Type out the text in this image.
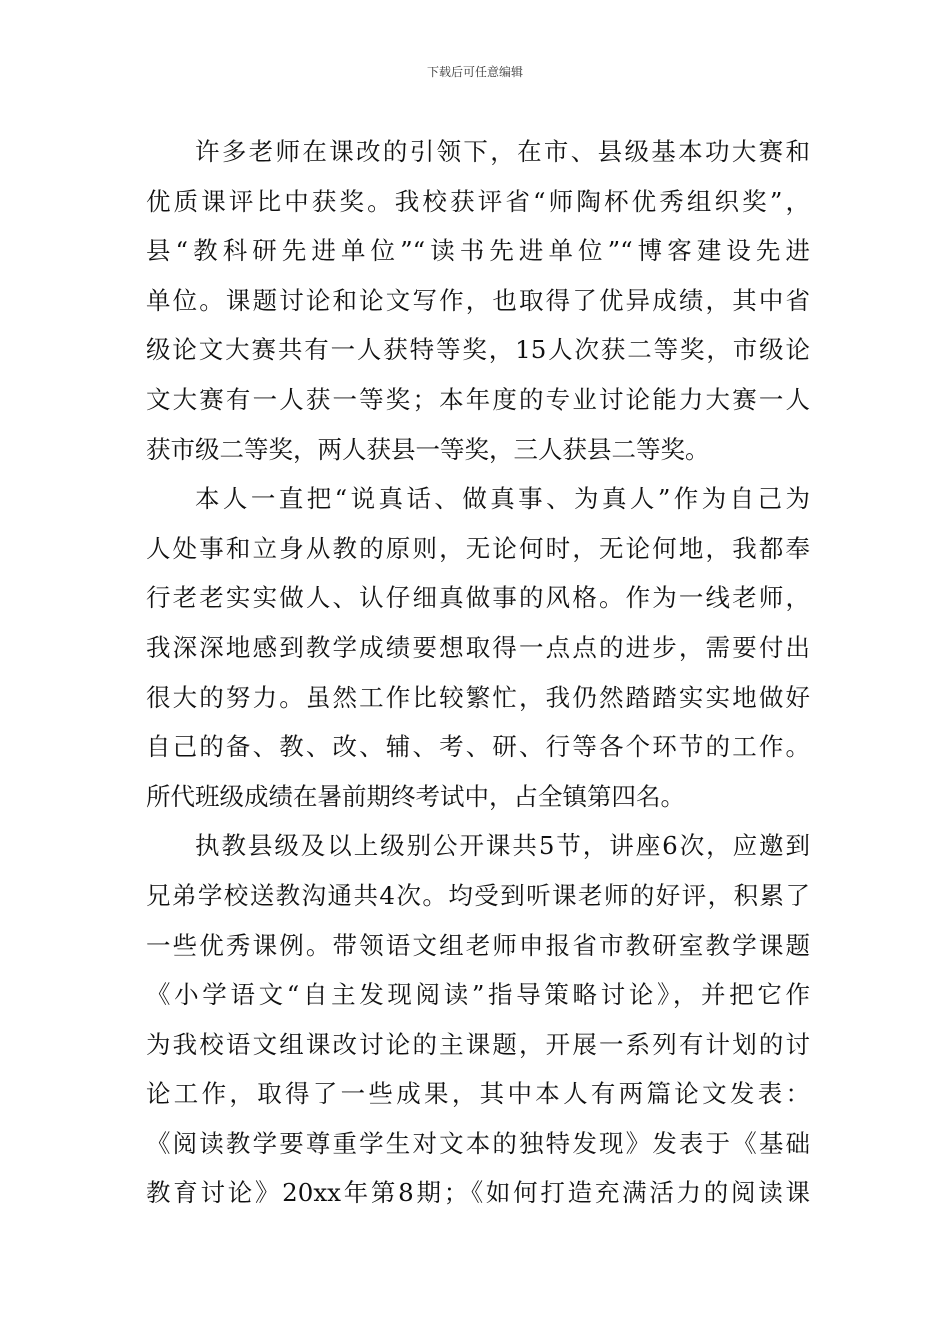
下载后可任意编辑
许多老师在课改的引领下，在市、县级基本功大赛和
优质课评比中获奖。我校获评省“师陶杯优秀组织奖”，
县“教科研先进单位”“读书先进单位”“博客建设先进
单位。课题讨论和论文写作，也取得了优异成绩，其中省
级论文大赛共有一人获特等奖，15人次获二等奖，市级论
文大赛有一人获一等奖；本年度的专业讨论能力大赛一人
获市级二等奖，两人获县一等奖，三人获县二等奖。
本人一直把“说真话、做真事、为真人”作为自己为
人处事和立身从教的原则，无论何时，无论何地，我都奉
行老老实实做人、认仔细真做事的风格。作为一线老师，
我深深地感到教学成绩要想取得一点点的进步，需要付出
很大的努力。虽然工作比较繁忙，我仍然踏踏实实地做好
自己的备、教、改、辅、考、研、行等各个环节的工作。
所代班级成绩在暑前期终考试中，占全镇第四名。
执教县级及以上级别公开课共5节，讲座6次，应邀到
兄弟学校送教沟通共4次。均受到听课老师的好评，积累了
一些优秀课例。带领语文组老师申报省市教研室教学课题
《小学语文“自主发现阅读”指导策略讨论》，并把它作
为我校语文组课改讨论的主课题，开展一系列有计划的讨
论工作，取得了一些成果，其中本人有两篇论文发表：
《阅读教学要尊重学生对文本的独特发现》发表于《基础
教育讨论》20xx年第8期；《如何打造充满活力的阅读课
